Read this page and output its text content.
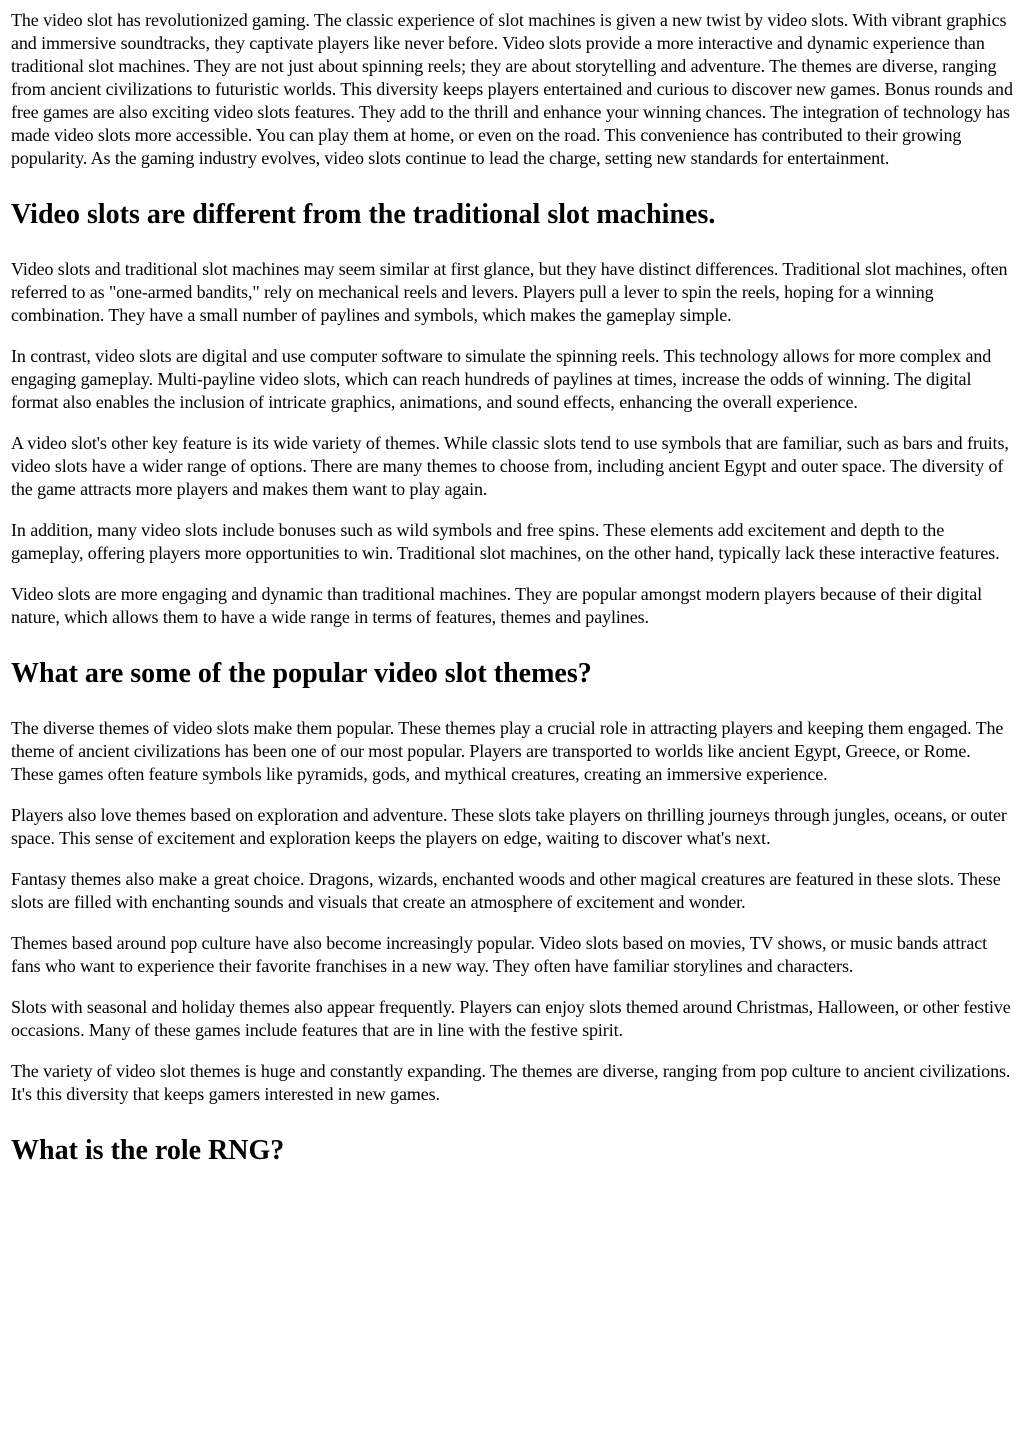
The video slot has revolutionized gaming. The classic experience of slot machines is given a new twist by video slots. With vibrant graphics and immersive soundtracks, they captivate players like never before. Video slots provide a more interactive and dynamic experience than traditional slot machines. They are not just about spinning reels; they are about storytelling and adventure. The themes are diverse, ranging from ancient civilizations to futuristic worlds. This diversity keeps players entertained and curious to discover new games. Bonus rounds and free games are also exciting video slots features. They add to the thrill and enhance your winning chances. The integration of technology has made video slots more accessible. You can play them at home, or even on the road. This convenience has contributed to their growing popularity. As the gaming industry evolves, video slots continue to lead the charge, setting new standards for entertainment.

Video slots are different from the traditional slot machines.

Video slots and traditional slot machines may seem similar at first glance, but they have distinct differences. Traditional slot machines, often referred to as "one-armed bandits," rely on mechanical reels and levers. Players pull a lever to spin the reels, hoping for a winning combination. They have a small number of paylines and symbols, which makes the gameplay simple.

In contrast, video slots are digital and use computer software to simulate the spinning reels. This technology allows for more complex and engaging gameplay. Multi-payline video slots, which can reach hundreds of paylines at times, increase the odds of winning. The digital format also enables the inclusion of intricate graphics, animations, and sound effects, enhancing the overall experience.

A video slot's other key feature is its wide variety of themes. While classic slots tend to use symbols that are familiar, such as bars and fruits, video slots have a wider range of options. There are many themes to choose from, including ancient Egypt and outer space. The diversity of the game attracts more players and makes them want to play again.

In addition, many video slots include bonuses such as wild symbols and free spins. These elements add excitement and depth to the gameplay, offering players more opportunities to win. Traditional slot machines, on the other hand, typically lack these interactive features.

Video slots are more engaging and dynamic than traditional machines. They are popular amongst modern players because of their digital nature, which allows them to have a wide range in terms of features, themes and paylines.

What are some of the popular video slot themes?

The diverse themes of video slots make them popular. These themes play a crucial role in attracting players and keeping them engaged. The theme of ancient civilizations has been one of our most popular. Players are transported to worlds like ancient Egypt, Greece, or Rome. These games often feature symbols like pyramids, gods, and mythical creatures, creating an immersive experience.

Players also love themes based on exploration and adventure. These slots take players on thrilling journeys through jungles, oceans, or outer space. This sense of excitement and exploration keeps the players on edge, waiting to discover what's next.

Fantasy themes also make a great choice. Dragons, wizards, enchanted woods and other magical creatures are featured in these slots. These slots are filled with enchanting sounds and visuals that create an atmosphere of excitement and wonder.

Themes based around pop culture have also become increasingly popular. Video slots based on movies, TV shows, or music bands attract fans who want to experience their favorite franchises in a new way. They often have familiar storylines and characters.

Slots with seasonal and holiday themes also appear frequently. Players can enjoy slots themed around Christmas, Halloween, or other festive occasions. Many of these games include features that are in line with the festive spirit.

The variety of video slot themes is huge and constantly expanding. The themes are diverse, ranging from pop culture to ancient civilizations. It's this diversity that keeps gamers interested in new games.

What is the role RNG?
